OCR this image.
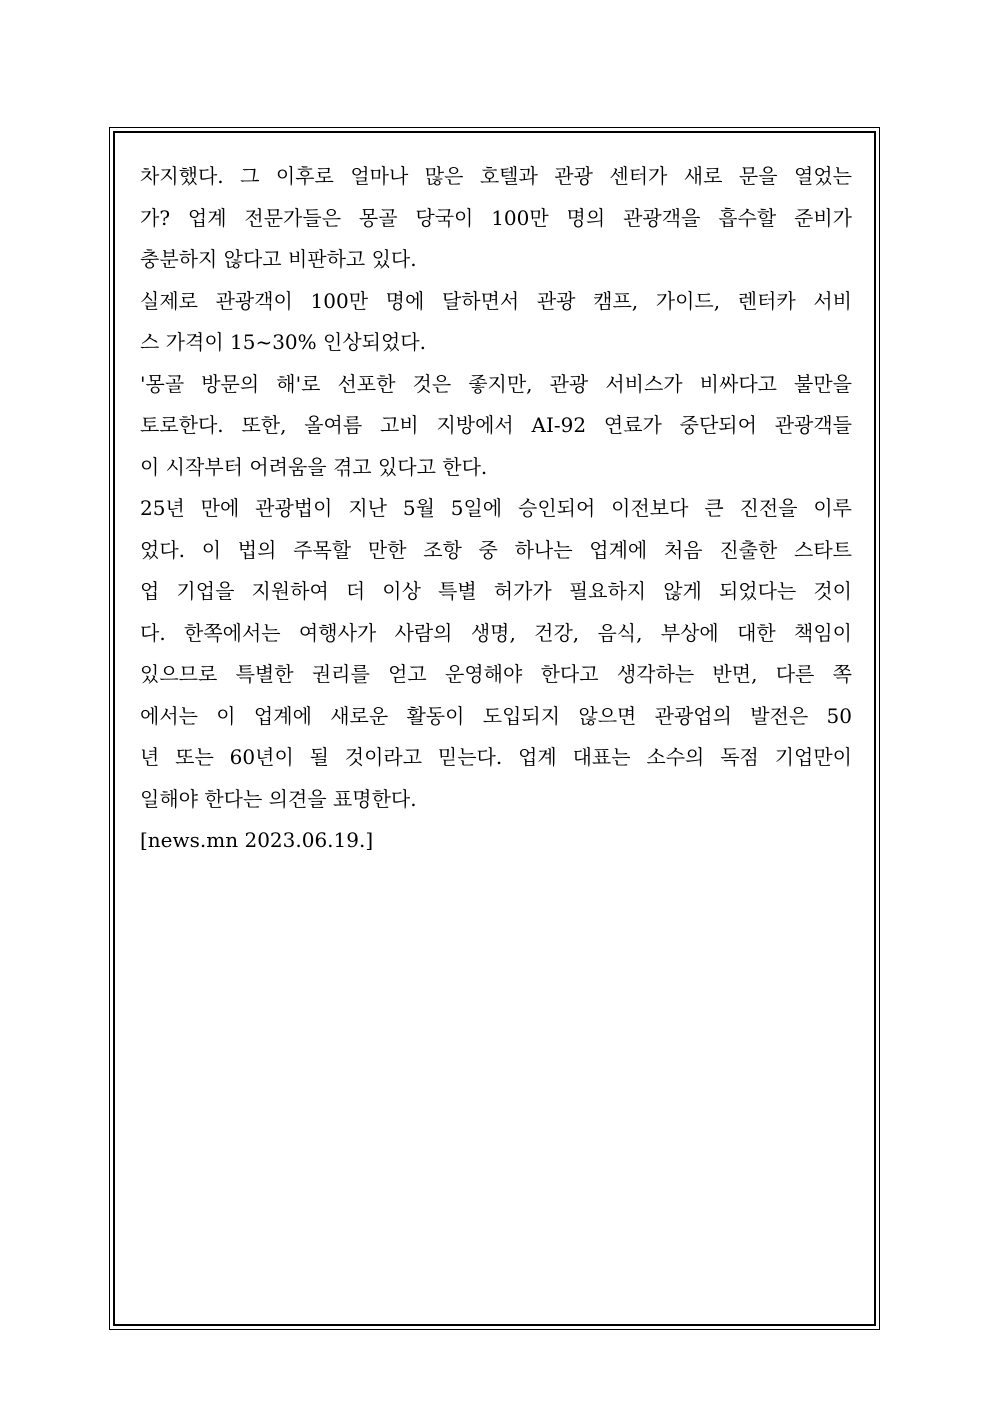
차지했다. 그 이후로 얼마나 많은 호텔과 관광 센터가 새로 문을 열었는
가? 업계 전문가들은 몽골 당국이 100만 명의 관광객을 흡수할 준비가
충분하지 않다고 비판하고 있다.
실제로 관광객이 100만 명에 달하면서 관광 캠프, 가이드, 렌터카 서비
스 가격이 15~30% 인상되었다.
'몽골 방문의 해'로 선포한 것은 좋지만, 관광 서비스가 비싸다고 불만을
토로한다. 또한, 올여름 고비 지방에서 AI-92 연료가 중단되어 관광객들
이 시작부터 어려움을 겪고 있다고 한다.
25년 만에 관광법이 지난 5월 5일에 승인되어 이전보다 큰 진전을 이루
었다. 이 법의 주목할 만한 조항 중 하나는 업계에 처음 진출한 스타트
업 기업을 지원하여 더 이상 특별 허가가 필요하지 않게 되었다는 것이
다. 한쪽에서는 여행사가 사람의 생명, 건강, 음식, 부상에 대한 책임이
있으므로 특별한 권리를 얻고 운영해야 한다고 생각하는 반면, 다른 쪽
에서는 이 업계에 새로운 활동이 도입되지 않으면 관광업의 발전은 50
년 또는 60년이 될 것이라고 믿는다. 업계 대표는 소수의 독점 기업만이
일해야 한다는 의견을 표명한다.
[news.mn 2023.06.19.]
